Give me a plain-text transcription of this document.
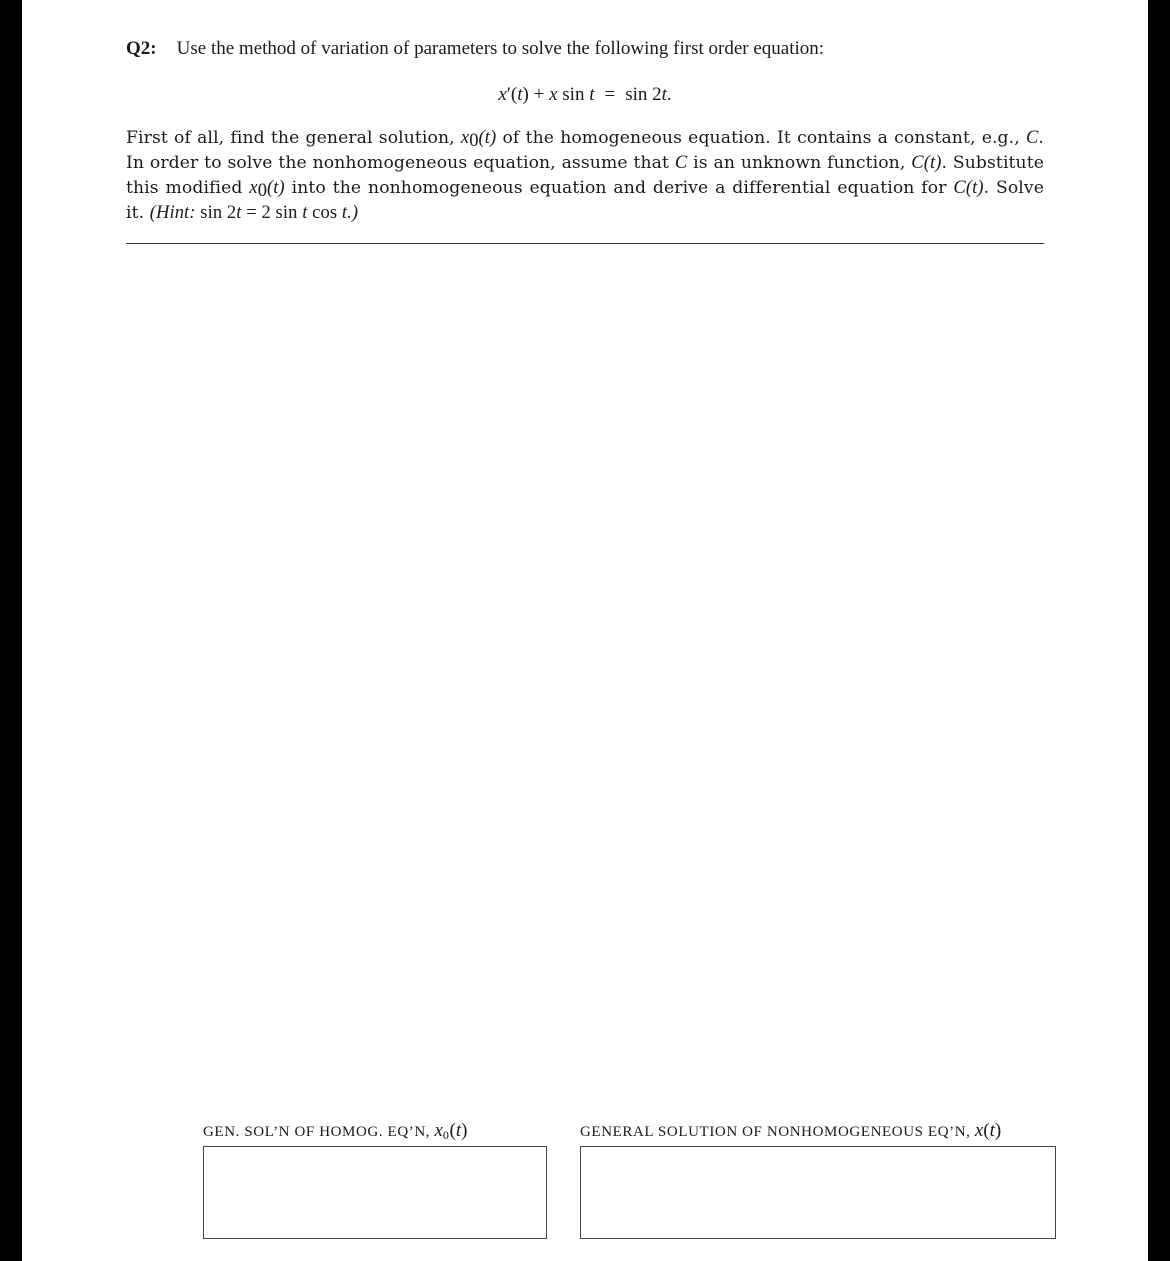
Q2: Use the method of variation of parameters to solve the following first order equation:
x′(t) + x sin t = sin 2t.
First of all, find the general solution, $x_0(t)$ of the homogeneous equation. It contains a constant, e.g., C.
In order to solve the nonhomogeneous equation, assume that C is an unknown function, C(t). Substitute
this modified $x_0(t)$ into the nonhomogeneous equation and derive a differential equation for C(t). Solve
it. (Hint: sin 2t = 2 sin t cos t.)
GEN. SOL’N OF HOMOG. EQ’N, $x_0(t)$	GENERAL SOLUTION OF NONHOMOGENEOUS EQ’N, x(t)
